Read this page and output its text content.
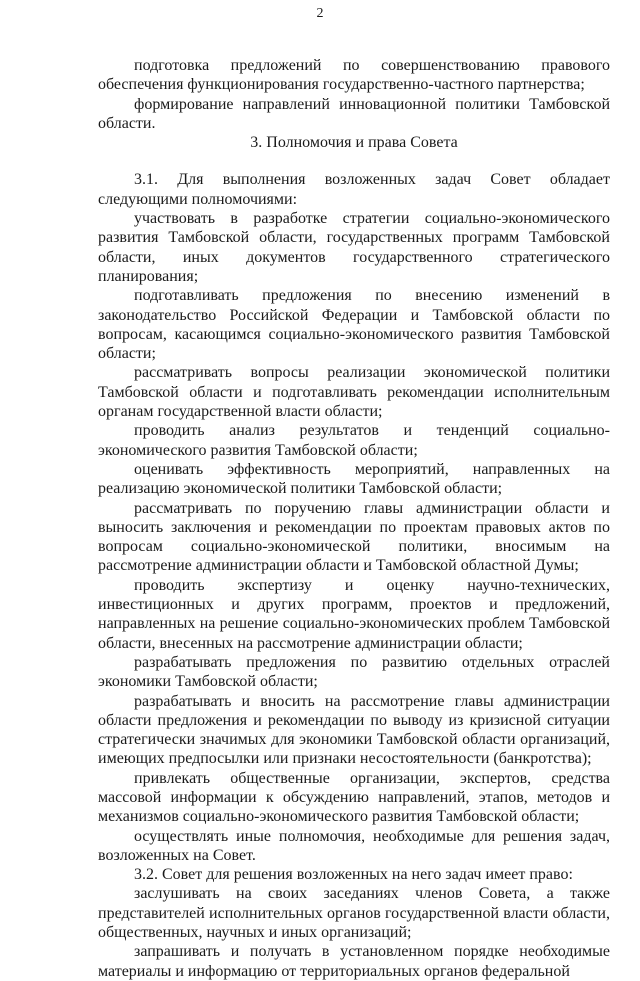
2

подготовка предложений по совершенствованию правового обеспечения функционирования государственно-частного партнерства;

формирование направлений инновационной политики Тамбовской области.

3. Полномочия и права Совета

3.1. Для выполнения возложенных задач Совет обладает следующими полномочиями:

участвовать в разработке стратегии социально-экономического развития Тамбовской области, государственных программ Тамбовской области, иных документов государственного стратегического планирования;

подготавливать предложения по внесению изменений в законодательство Российской Федерации и Тамбовской области по вопросам, касающимся социально-экономического развития Тамбовской области;

рассматривать вопросы реализации экономической политики Тамбовской области и подготавливать рекомендации исполнительным органам государственной власти области;

проводить анализ результатов и тенденций социально-экономического развития Тамбовской области;

оценивать эффективность мероприятий, направленных на реализацию экономической политики Тамбовской области;

рассматривать по поручению главы администрации области и выносить заключения и рекомендации по проектам правовых актов по вопросам социально-экономической политики, вносимым на рассмотрение администрации области и Тамбовской областной Думы;

проводить экспертизу и оценку научно-технических, инвестиционных и других программ, проектов и предложений, направленных на решение социально-экономических проблем Тамбовской области, внесенных на рассмотрение администрации области;

разрабатывать предложения по развитию отдельных отраслей экономики Тамбовской области;

разрабатывать и вносить на рассмотрение главы администрации области предложения и рекомендации по выводу из кризисной ситуации стратегически значимых для экономики Тамбовской области организаций, имеющих предпосылки или признаки несостоятельности (банкротства);

привлекать общественные организации, экспертов, средства массовой информации к обсуждению направлений, этапов, методов и механизмов социально-экономического развития Тамбовской области;

осуществлять иные полномочия, необходимые для решения задач, возложенных на Совет.

3.2. Совет для решения возложенных на него задач имеет право:

заслушивать на своих заседаниях членов Совета, а также представителей исполнительных органов государственной власти области, общественных, научных и иных организаций;

запрашивать и получать в установленном порядке необходимые материалы и информацию от территориальных органов федеральной
